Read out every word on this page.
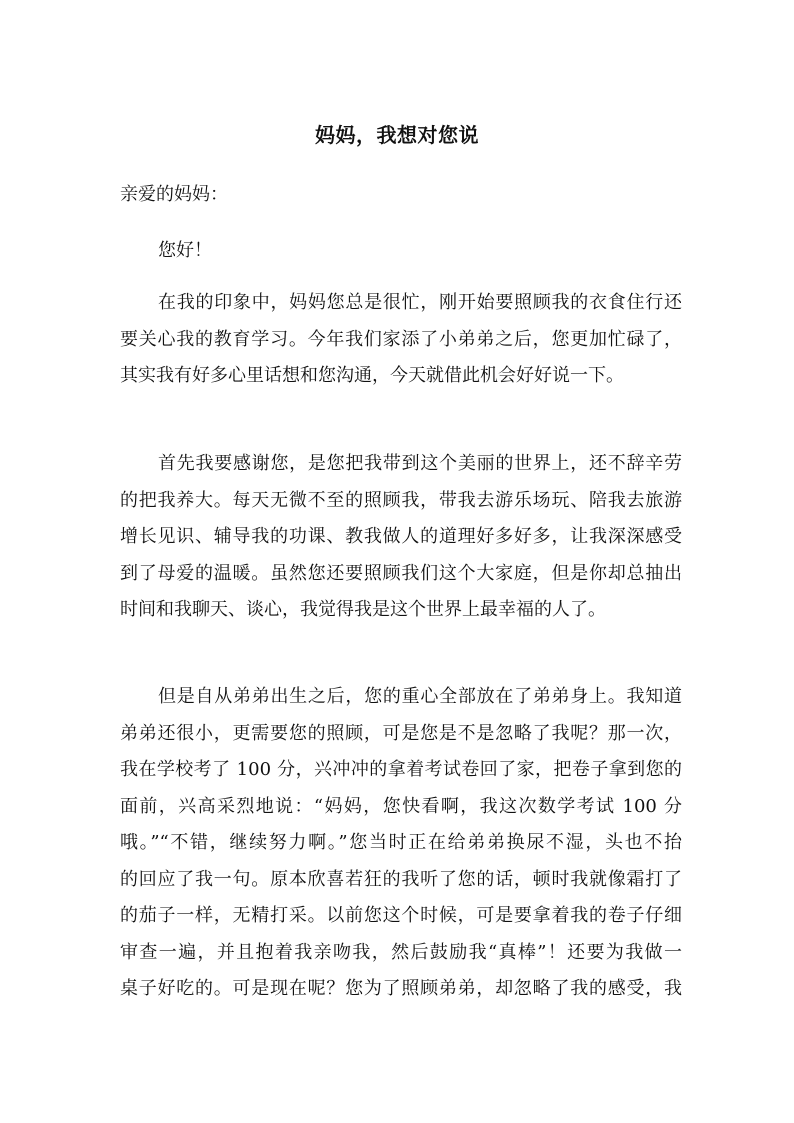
妈妈，我想对您说
亲爱的妈妈：
您好！
在我的印象中，妈妈您总是很忙，刚开始要照顾我的衣食住行还
要关心我的教育学习。今年我们家添了小弟弟之后，您更加忙碌了，
其实我有好多心里话想和您沟通，今天就借此机会好好说一下。
首先我要感谢您，是您把我带到这个美丽的世界上，还不辞辛劳
的把我养大。每天无微不至的照顾我，带我去游乐场玩、陪我去旅游
增长见识、辅导我的功课、教我做人的道理好多好多，让我深深感受
到了母爱的温暖。虽然您还要照顾我们这个大家庭，但是你却总抽出
时间和我聊天、谈心，我觉得我是这个世界上最幸福的人了。
但是自从弟弟出生之后，您的重心全部放在了弟弟身上。我知道
弟弟还很小，更需要您的照顾，可是您是不是忽略了我呢？那一次，
我在学校考了 100 分，兴冲冲的拿着考试卷回了家，把卷子拿到您的
面前，兴高采烈地说：“妈妈，您快看啊，我这次数学考试 100 分
哦。”“不错，继续努力啊。”您当时正在给弟弟换尿不湿，头也不抬
的回应了我一句。原本欣喜若狂的我听了您的话，顿时我就像霜打了
的茄子一样，无精打采。以前您这个时候，可是要拿着我的卷子仔细
审查一遍，并且抱着我亲吻我，然后鼓励我“真棒”！还要为我做一
桌子好吃的。可是现在呢？您为了照顾弟弟，却忽略了我的感受，我
